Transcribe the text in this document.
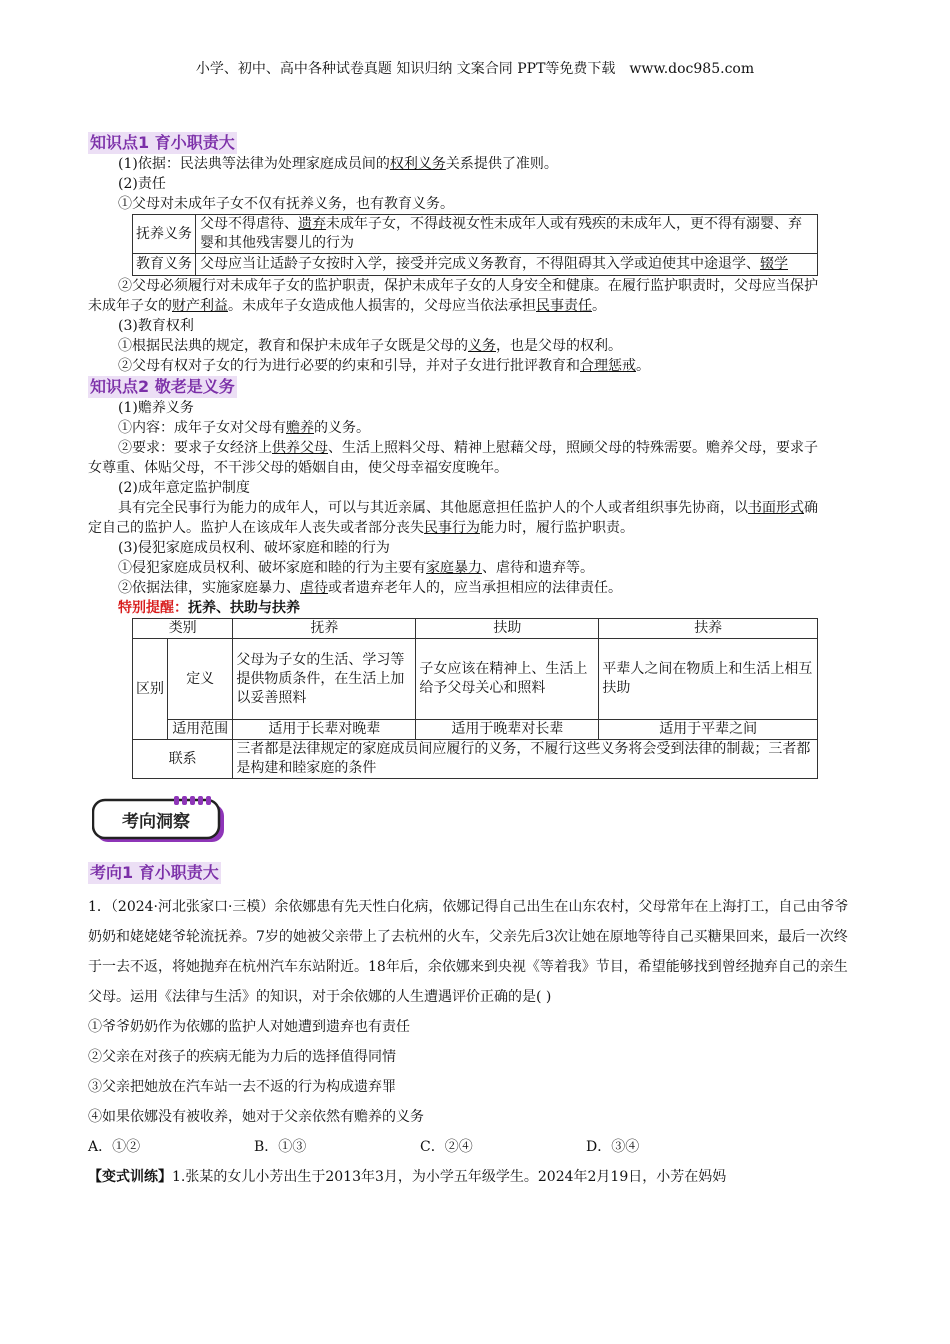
小学、初中、高中各种试卷真题 知识归纳 文案合同 PPT等免费下载 www.doc985.com
知识点1 育小职责大
(1)依据：民法典等法律为处理家庭成员间的权利义务关系提供了准则。
(2)责任
①父母对未成年子女不仅有抚养义务，也有教育义务。
抚养义务	父母不得虐待、遗弃未成年子女，不得歧视女性未成年人或有残疾的未成年人，更不得有溺婴、弃婴和其他残害婴儿的行为
教育义务	父母应当让适龄子女按时入学，接受并完成义务教育，不得阻碍其入学或迫使其中途退学、辍学
②父母必须履行对未成年子女的监护职责，保护未成年子女的人身安全和健康。在履行监护职责时，父母应当保护未成年子女的财产利益。未成年子女造成他人损害的，父母应当依法承担民事责任。
(3)教育权利
①根据民法典的规定，教育和保护未成年子女既是父母的义务，也是父母的权利。
②父母有权对子女的行为进行必要的约束和引导，并对子女进行批评教育和合理惩戒。
知识点2 敬老是义务
(1)赡养义务
①内容：成年子女对父母有赡养的义务。
②要求：要求子女经济上供养父母、生活上照料父母、精神上慰藉父母，照顾父母的特殊需要。赡养父母，要求子女尊重、体贴父母，不干涉父母的婚姻自由，使父母幸福安度晚年。
(2)成年意定监护制度
具有完全民事行为能力的成年人，可以与其近亲属、其他愿意担任监护人的个人或者组织事先协商，以书面形式确定自己的监护人。监护人在该成年人丧失或者部分丧失民事行为能力时，履行监护职责。
(3)侵犯家庭成员权利、破坏家庭和睦的行为
①侵犯家庭成员权利、破坏家庭和睦的行为主要有家庭暴力、虐待和遗弃等。
②依据法律，实施家庭暴力、虐待或者遗弃老年人的，应当承担相应的法律责任。
特别提醒：抚养、扶助与扶养
类别		抚养	扶助	扶养
区别	定义	父母为子女的生活、学习等提供物质条件，在生活上加以妥善照料	子女应该在精神上、生活上给予父母关心和照料	平辈人之间在物质上和生活上相互扶助
	适用范围	适用于长辈对晚辈	适用于晚辈对长辈	适用于平辈之间
联系		三者都是法律规定的家庭成员间应履行的义务，不履行这些义务将会受到法律的制裁；三者都是构建和睦家庭的条件		
考向洞察
考向1 育小职责大

1．（2024·河北张家口·三模）余依娜患有先天性白化病，依娜记得自己出生在山东农村，父母常年在上海打工，自己由爷爷奶奶和姥姥姥爷轮流抚养。7岁的她被父亲带上了去杭州的火车，父亲先后3次让她在原地等待自己买糖果回来，最后一次终于一去不返，将她抛弃在杭州汽车东站附近。18年后，余依娜来到央视《等着我》节目，希望能够找到曾经抛弃自己的亲生父母。运用《法律与生活》的知识，对于余依娜的人生遭遇评价正确的是( )

①爷爷奶奶作为依娜的监护人对她遭到遗弃也有责任

②父亲在对孩子的疾病无能为力后的选择值得同情

③父亲把她放在汽车站一去不返的行为构成遗弃罪

④如果依娜没有被收养，她对于父亲依然有赡养的义务

A．①②	B．①③	C．②④	D．③④

【变式训练】1.张某的女儿小芳出生于2013年3月，为小学五年级学生。2024年2月19日，小芳在妈妈
